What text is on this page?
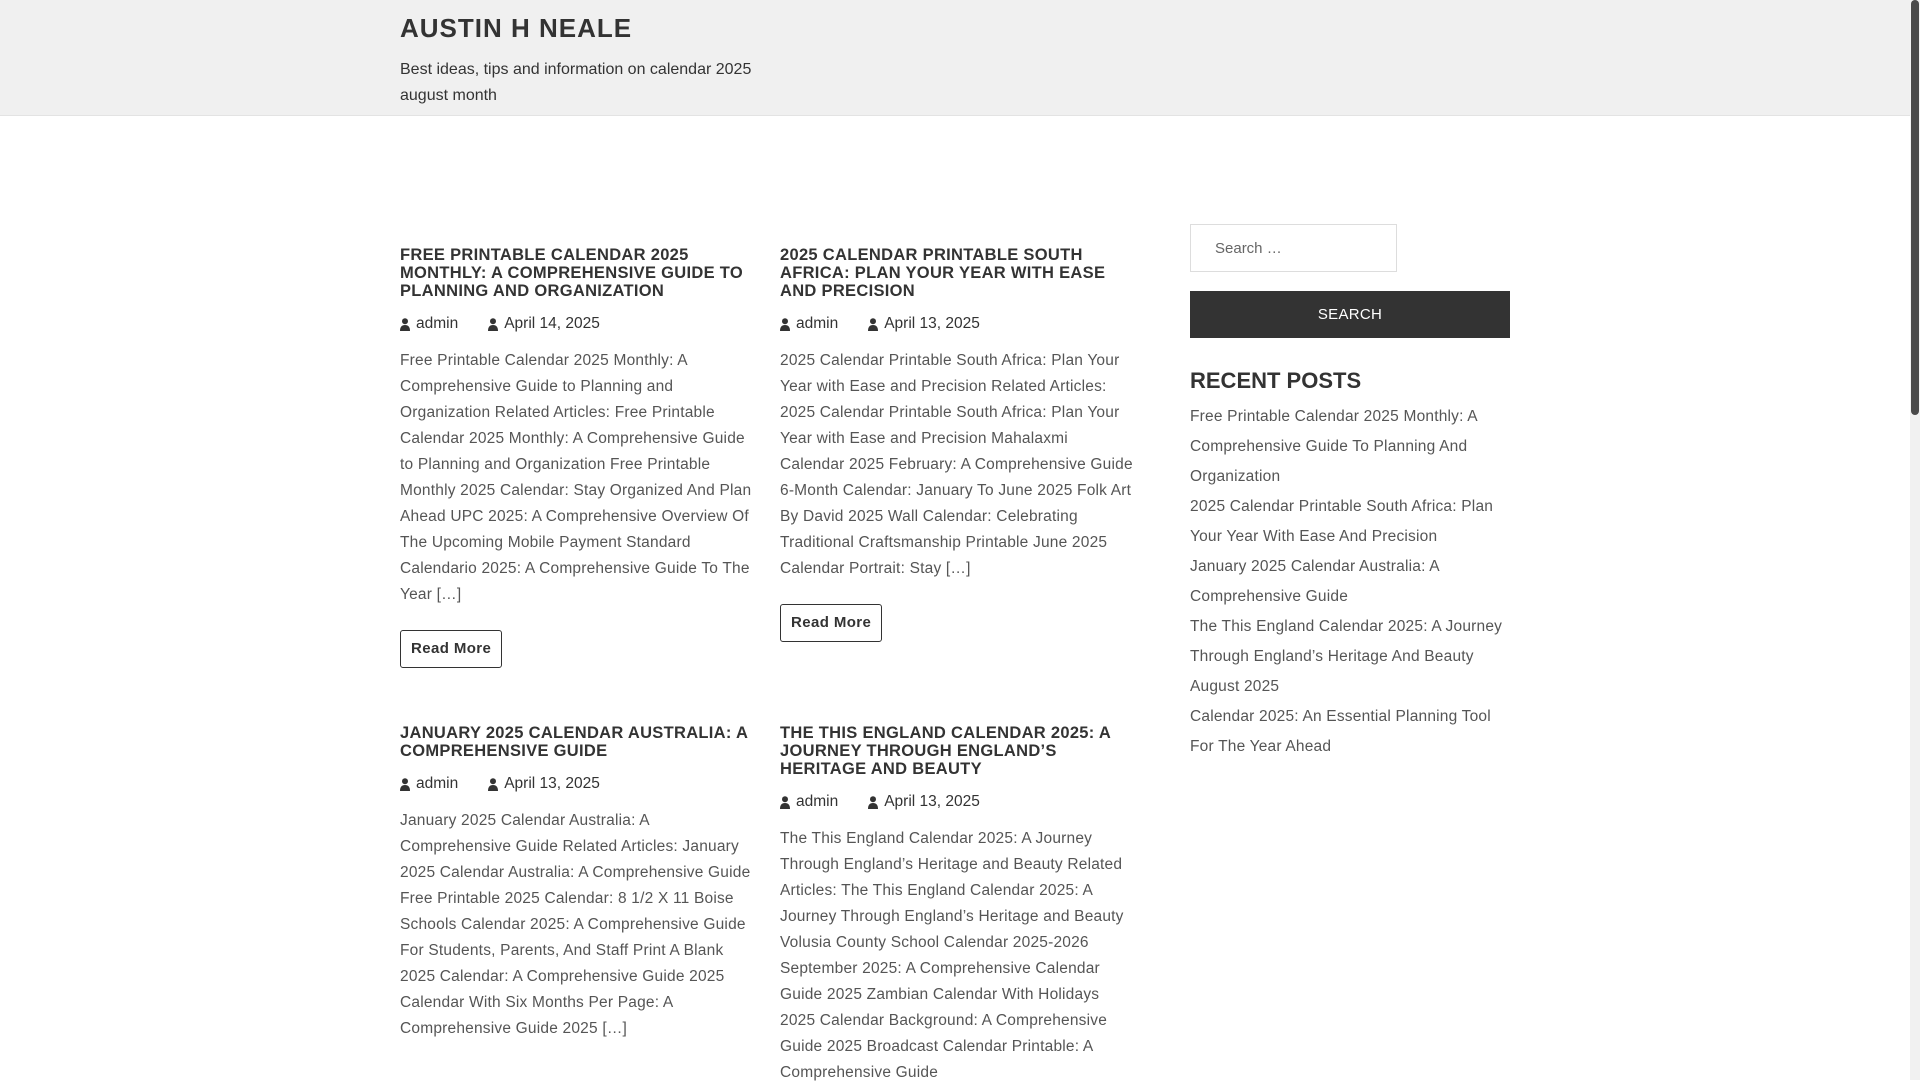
AUSTIN H NEALE

Best ideas, tips and information on calendar 2025 august month

FREE PRINTABLE CALENDAR 2025 MONTHLY: A COMPREHENSIVE GUIDE TO PLANNING AND ORGANIZATION
admin	April 14, 2025

Free Printable Calendar 2025 Monthly: A Comprehensive Guide to Planning and Organization Related Articles: Free Printable Calendar 2025 Monthly: A Comprehensive Guide to Planning and Organization Free Printable Monthly 2025 Calendar: Stay Organized And Plan Ahead UPC 2025: A Comprehensive Overview Of The Upcoming Mobile Payment Standard Calendario 2025: A Comprehensive Guide To The Year […]

Read More
2025 CALENDAR PRINTABLE SOUTH AFRICA: PLAN YOUR YEAR WITH EASE AND PRECISION
admin	April 13, 2025

2025 Calendar Printable South Africa: Plan Your Year with Ease and Precision Related Articles: 2025 Calendar Printable South Africa: Plan Your Year with Ease and Precision Mahalaxmi Calendar 2025 February: A Comprehensive Guide 6-Month Calendar: January To June 2025 Folk Art By David 2025 Wall Calendar: Celebrating Traditional Craftsmanship Printable June 2025 Calendar Portrait: Stay […]

Read More
JANUARY 2025 CALENDAR AUSTRALIA: A COMPREHENSIVE GUIDE
admin	April 13, 2025

January 2025 Calendar Australia: A Comprehensive Guide Related Articles: January 2025 Calendar Australia: A Comprehensive Guide Free Printable 2025 Calendar: 8 1/2 X 11 Boise Schools Calendar 2025: A Comprehensive Guide For Students, Parents, And Staff Print A Blank 2025 Calendar: A Comprehensive Guide 2025 Calendar With Six Months Per Page: A Comprehensive Guide 2025 […]

THE THIS ENGLAND CALENDAR 2025: A JOURNEY THROUGH ENGLAND’S HERITAGE AND BEAUTY
admin	April 13, 2025

The This England Calendar 2025: A Journey Through England’s Heritage and Beauty Related Articles: The This England Calendar 2025: A Journey Through England’s Heritage and Beauty Volusia County School Calendar 2025-2026 September 2025: A Comprehensive Calendar Guide 2025 Zambian Calendar With Holidays 2025 Calendar Background: A Comprehensive Guide 2025 Broadcast Calendar Printable: A Comprehensive Guide

Search …
SEARCH
RECENT POSTS
Free Printable Calendar 2025 Monthly: A Comprehensive Guide To Planning And Organization
2025 Calendar Printable South Africa: Plan Your Year With Ease And Precision
January 2025 Calendar Australia: A Comprehensive Guide
The This England Calendar 2025: A Journey Through England’s Heritage And Beauty
August 2025
Calendar 2025: An Essential Planning Tool For The Year Ahead
